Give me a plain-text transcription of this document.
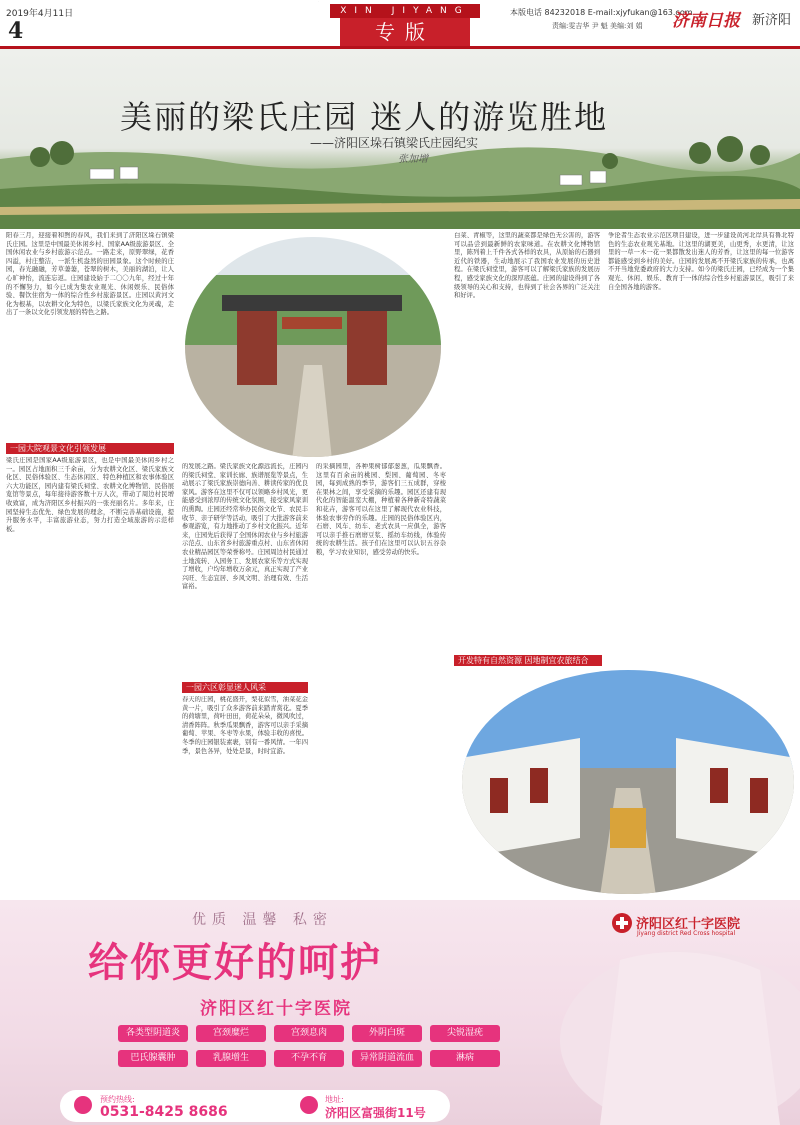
2019年4月11日
4
XIN JIYANG
专版
本版电话 84232018 E-mail:xjyfukan@163.com
责编:雯吉华 尹 魁 美编:刘 娟 济南日报 新济阳
美丽的梁氏庄园 迷人的游览胜地
——济阳区垛石镇梁氏庄园纪实
张加增
阳春三月，迎接着和煦的春风，我们来到了济阳区垛石镇梁氏庄园。这里是中国最美休闲乡村、国家AA级旅游景区、全国休闲农业与乡村旅游示范点。一路走来，原野翠绿，花香四溢，村庄整洁，一派生机盎然的田园景象。这个时候的庄园，春光融融，芳草萋萋，苍翠的树木，美丽的湖泊，让人心旷神怡，流连忘返。庄园建设始于二〇〇九年，经过十年的不懈努力，如今已成为集农业观光、休闲娱乐、民俗体验、餐饮住宿为一体的综合性乡村旅游景区。庄园以黄河文化为根基，以农耕文化为特色，以梁氏家族文化为灵魂，走出了一条以文化引领发展的特色之路。
一园大院观景文化引领发展
梁氏庄园是国家AA级旅游景区，也是中国最美休闲乡村之一。园区占地面积三千余亩，分为农耕文化区、梁氏家族文化区、民俗体验区、生态休闲区、特色种植区和农事体验区六大功能区，园内建有梁氏祠堂、农耕文化博物馆、民俗展览馆等景点，每年接待游客数十万人次，带动了周边村民增收致富，成为济阳区乡村振兴的一张亮丽名片。多年来，庄园坚持生态优先、绿色发展的理念，不断完善基础设施，提升服务水平，丰富旅游业态，努力打造全域旅游的示范样板。
的发展之路。梁氏家族文化源远流长，庄园内的梁氏祠堂、家训长廊、族谱展览等景点，生动展示了梁氏家族崇德向善、耕读传家的优良家风。游客在这里不仅可以领略乡村风光，更能感受到浓厚的传统文化氛围，接受家风家训的熏陶。庄园还经常举办民俗文化节、农民丰收节、亲子研学等活动，吸引了大批游客前来参观游览，有力地推动了乡村文化振兴。近年来，庄园先后获得了全国休闲农业与乡村旅游示范点、山东省乡村旅游重点村、山东省休闲农业精品园区等荣誉称号。庄园周边村民通过土地流转、入园务工、发展农家乐等方式实现了增收，户均年增收万余元，真正实现了产业兴旺、生态宜居、乡风文明、治理有效、生活富裕。
一园六区彰显迷人风采
春天的庄园，桃花盛开，梨花似雪，油菜花金黄一片，吸引了众多游客前来踏青赏花。夏季的荷塘里，荷叶田田，荷花朵朵，微风吹过，清香阵阵。秋季瓜果飘香，游客可以亲手采摘葡萄、苹果、冬枣等水果，体验丰收的喜悦。冬季的庄园银装素裹，别有一番风情。一年四季，景色各异，处处是景，时时宜游。
的采摘园里，各种果树郁郁葱葱，瓜果飘香。这里有百余亩的桃园、梨园、葡萄园、冬枣园，每到成熟的季节，游客们三五成群，穿梭在果林之间，享受采摘的乐趣。园区还建有现代化的智能温室大棚，种植着各种新奇特蔬菜和花卉，游客可以在这里了解现代农业科技，体验农事劳作的乐趣。庄园的民俗体验区内，石磨、风车、纺车、老式农具一应俱全，游客可以亲手推石磨磨豆浆、摇纺车纺线，体验传统的农耕生活。孩子们在这里可以认识五谷杂粮，学习农业知识，感受劳动的快乐。
白菜、青椒等，这里的蔬菜都是绿色无公害的，游客可以品尝到最新鲜的农家味道。在农耕文化博物馆里，陈列着上千件各式各样的农具，从原始的石器到近代的铁器，生动地展示了我国农业发展的历史进程。在梁氏祠堂里，游客可以了解梁氏家族的发展历程，感受家族文化的深厚底蕴。庄园的建设得到了各级领导的关心和支持，也得到了社会各界的广泛关注和好评。
开发特有自然资源 因地制宜农旅结合
争论者生态农业示范区项目建设，进一步建设黄河北岸具有鲁北特色的生态农业观光基地。让这里的湖更美，山更秀，水更清，让这里的一草一木一花一果都散发出迷人的芳香，让这里的每一位游客都能感受到乡村的美好。庄园的发展离不开梁氏家族的传承，也离不开当地党委政府的大力支持。如今的梁氏庄园，已经成为一个集观光、休闲、娱乐、教育于一体的综合性乡村旅游景区，吸引了来自全国各地的游客。
优质 温馨 私密
给你更好的呵护
济阳区红十字医院
济阳区红十字医院
Jiyang district Red Cross hospital
各类型阴道炎	宫颈糜烂	宫颈息肉	外阴白斑	尖锐湿疣
巴氏腺囊肿	乳腺增生	不孕不育	异常阴道流血	淋病
预约热线:
0531-8425 8686
地址:
济阳区富强街11号
